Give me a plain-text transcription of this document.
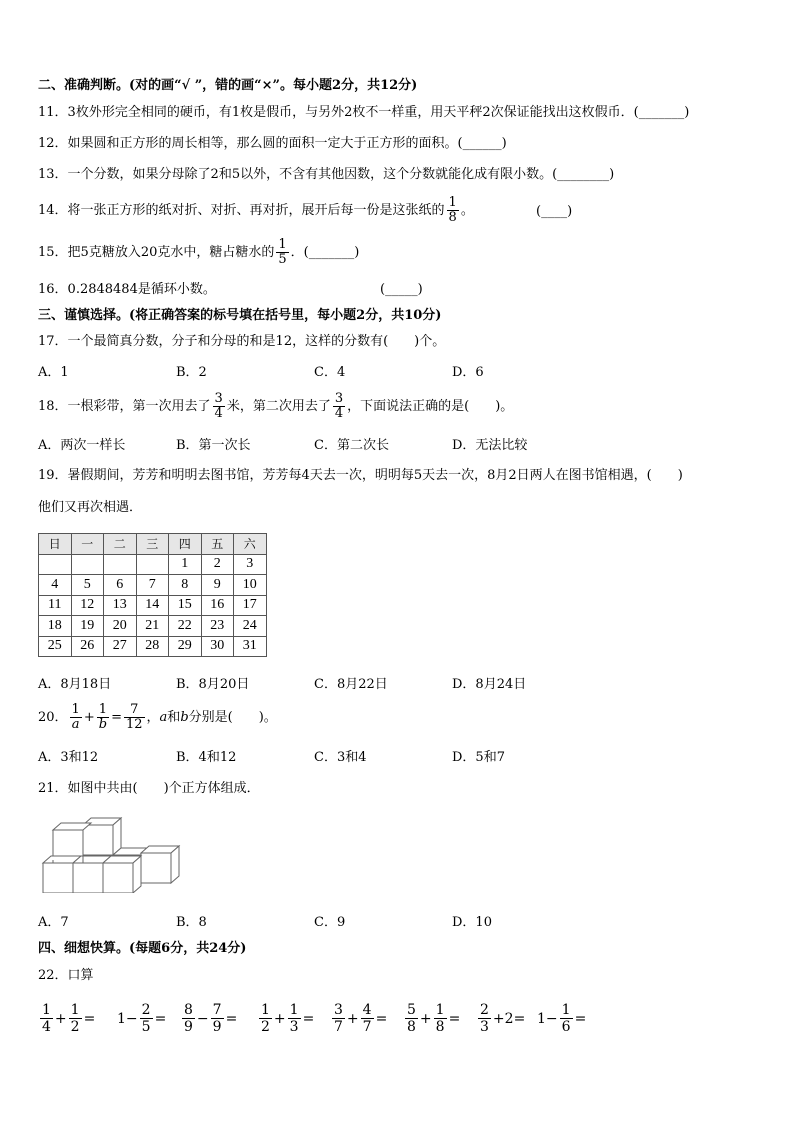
二、准确判断。(对的画“√ ”，错的画“×”。每小题2分，共12分)
11．3枚外形完全相同的硬币，有1枚是假币，与另外2枚不一样重，用天平秤2次保证能找出这枚假币．(_______)
12．如果圆和正方形的周长相等，那么圆的面积一定大于正方形的面积。(______)
13．一个分数，如果分母除了2和5以外，不含有其他因数，这个分数就能化成有限小数。(________)
14．将一张正方形的纸对折、对折、再对折，展开后每一份是这张纸的 $\frac{1}{8}$ 。	(____)
15．把5克糖放入20克水中，糖占糖水的 $\frac{1}{5}$ ．(_______)
16．0.2848484是循环小数。	(_____)
三、谨慎选择。(将正确答案的标号填在括号里，每小题2分，共10分)
17．一个最简真分数，分子和分母的和是12，这样的分数有(　　)个。
A．1	B．2	C．4	D．6
18．一根彩带，第一次用去了 $\frac{3}{4}$ 米，第二次用去了 $\frac{3}{4}$ ，下面说法正确的是(　　)。
A．两次一样长	B．第一次长	C．第二次长	D．无法比较
19．暑假期间，芳芳和明明去图书馆，芳芳每4天去一次，明明每5天去一次，8月2日两人在图书馆相遇，(　　)
他们又再次相遇．
日	一	二	三	四	五	六
				1	2	3
4	5	6	7	8	9	10
11	12	13	14	15	16	17
18	19	20	21	22	23	24
25	26	27	28	29	30	31
A．8月18日	B．8月20日	C．8月22日	D．8月24日
20． $\frac{1}{a} + \frac{1}{b} = \frac{7}{12}$ ，a和b分别是(　　)。
A．3和12	B．4和12	C．3和4	D．5和7
21．如图中共由(　　)个正方体组成．
A．7	B．8	C．9	D．10
四、细想快算。(每题6分，共24分)
22．口算
$\frac{1}{4} + \frac{1}{2} = 1 - \frac{2}{5} = \frac{8}{9} - \frac{7}{9} = \frac{1}{2} + \frac{1}{3} = \frac{3}{7} + \frac{4}{7} = \frac{5}{8} + \frac{1}{8} = \frac{2}{3} + 2 = 1 - \frac{1}{6}$ =
